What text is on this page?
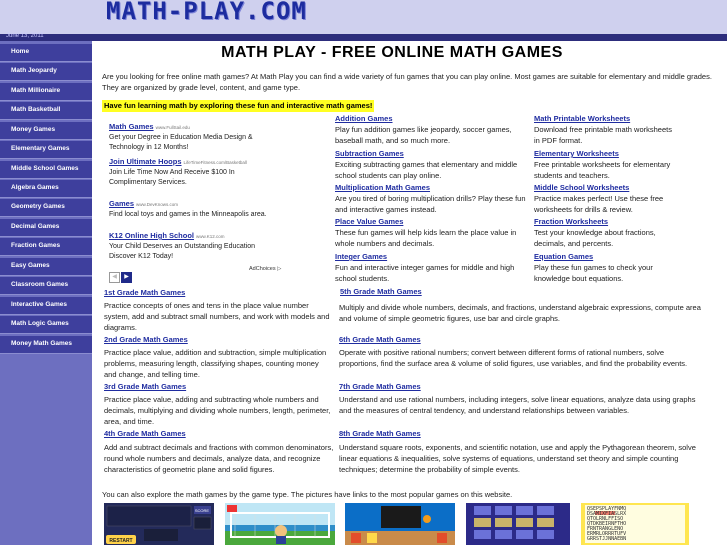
MATH-PLAY.COM
June 13, 2011
Home
Math Jeopardy
Math Millionaire
Math Basketball
Money Games
Elementary Games
Middle School Games
Algebra Games
Geometry Games
Decimal Games
Fraction Games
Easy Games
Classroom Games
Interactive Games
Math Logic Games
Money Math Games
MATH PLAY - FREE ONLINE MATH GAMES
Are you looking for free online math games? At Math Play you can find a wide variety of fun games that you can play online. Most games are suitable for elementary and middle grades. They are organized by grade level, content, and game type.
Have fun learning math by exploring these fun and interactive math games!
Math Games www.FullSail.edu
Get your Degree in Education Media Design & Technology in 12 Months!
Join Ultimate Hoops LifeTimeFitness.com/Basketball
Join Life Time Now And Receive $100 In Complimentary Services.
Games www.DevKnows.com
Find local toys and games in the Minneapolis area.
K12 Online High School www.K12.com
Your Child Deserves an Outstanding Education Discover K12 Today!
◀ ▶
AdChoices ▷
Addition Games
Play fun addition games like jeopardy, soccer games, baseball math, and so much more.
Subtraction Games
Exciting subtracting games that elementary and middle school students can play online.
Multiplication Math Games
Are you tired of boring multiplication drills? Play these fun and interactive games instead.
Place Value Games
These fun games will help kids learn the place value in whole numbers and decimals.
Integer Games
Fun and interactive integer games for middle and high school students.
Math Printable Worksheets
Download free printable math worksheets in PDF format.
Elementary Worksheets
Free printable worksheets for elementary students and teachers.
Middle School Worksheets
Practice makes perfect! Use these free worksheets for drills & review.
Fraction Worksheets
Test your knowledge about fractions, decimals, and percents.
Equation Games
Play these fun games to check your knowledge bout equations.
1st Grade Math Games
Practice concepts of ones and tens in the place value number system, add and subtract small numbers, and work with models and diagrams.
2nd Grade Math Games
Practice place value, addition and subtraction, simple multiplication problems, measuring length, classifying shapes, counting money and change, and telling time.
3rd Grade Math Games
Practice place value, adding and subtracting whole numbers and decimals, multiplying and dividing whole numbers, length, perimeter, area, and time.
4th Grade Math Games
Add and subtract decimals and fractions with common denominators, round whole numbers and decimals, analyze data, and recognize characteristics of geometric plane and solid figures.
5th Grade Math Games
Multiply and divide whole numbers, decimals, and fractions, understand algebraic expressions, compute area and volume of simple geometric figures, use bar and circle graphs.
6th Grade Math Games
Operate with positive rational numbers; convert between different forms of rational numbers, solve proportions, find the surface area & volume of solid figures, use variables, and find the probability events.
7th Grade Math Games
Understand and use rational numbers, including integers, solve linear equations, analyze data using graphs and the measures of central tendency, and understand relationships between variables.
8th Grade Math Games
Understand square roots, exponents, and scientific notation, use and apply the Pythagorean theorem, solve linear equations & inequalities, solve systems of equations, understand set theory and simple counting techniques; determine the probability of simple events.
You can also explore the math games by the game type. The pictures have links to the most popular games on this website.
RESTART
SCORE	QSEPSPLAYFNMQ
DSAMIXFIASLRX
QTOLRNLFFISO
QTDKBEIRNFTHO
FRNTRANGLENO
ERMRLORRRTUFV
GRRSTJJNNAEBN
